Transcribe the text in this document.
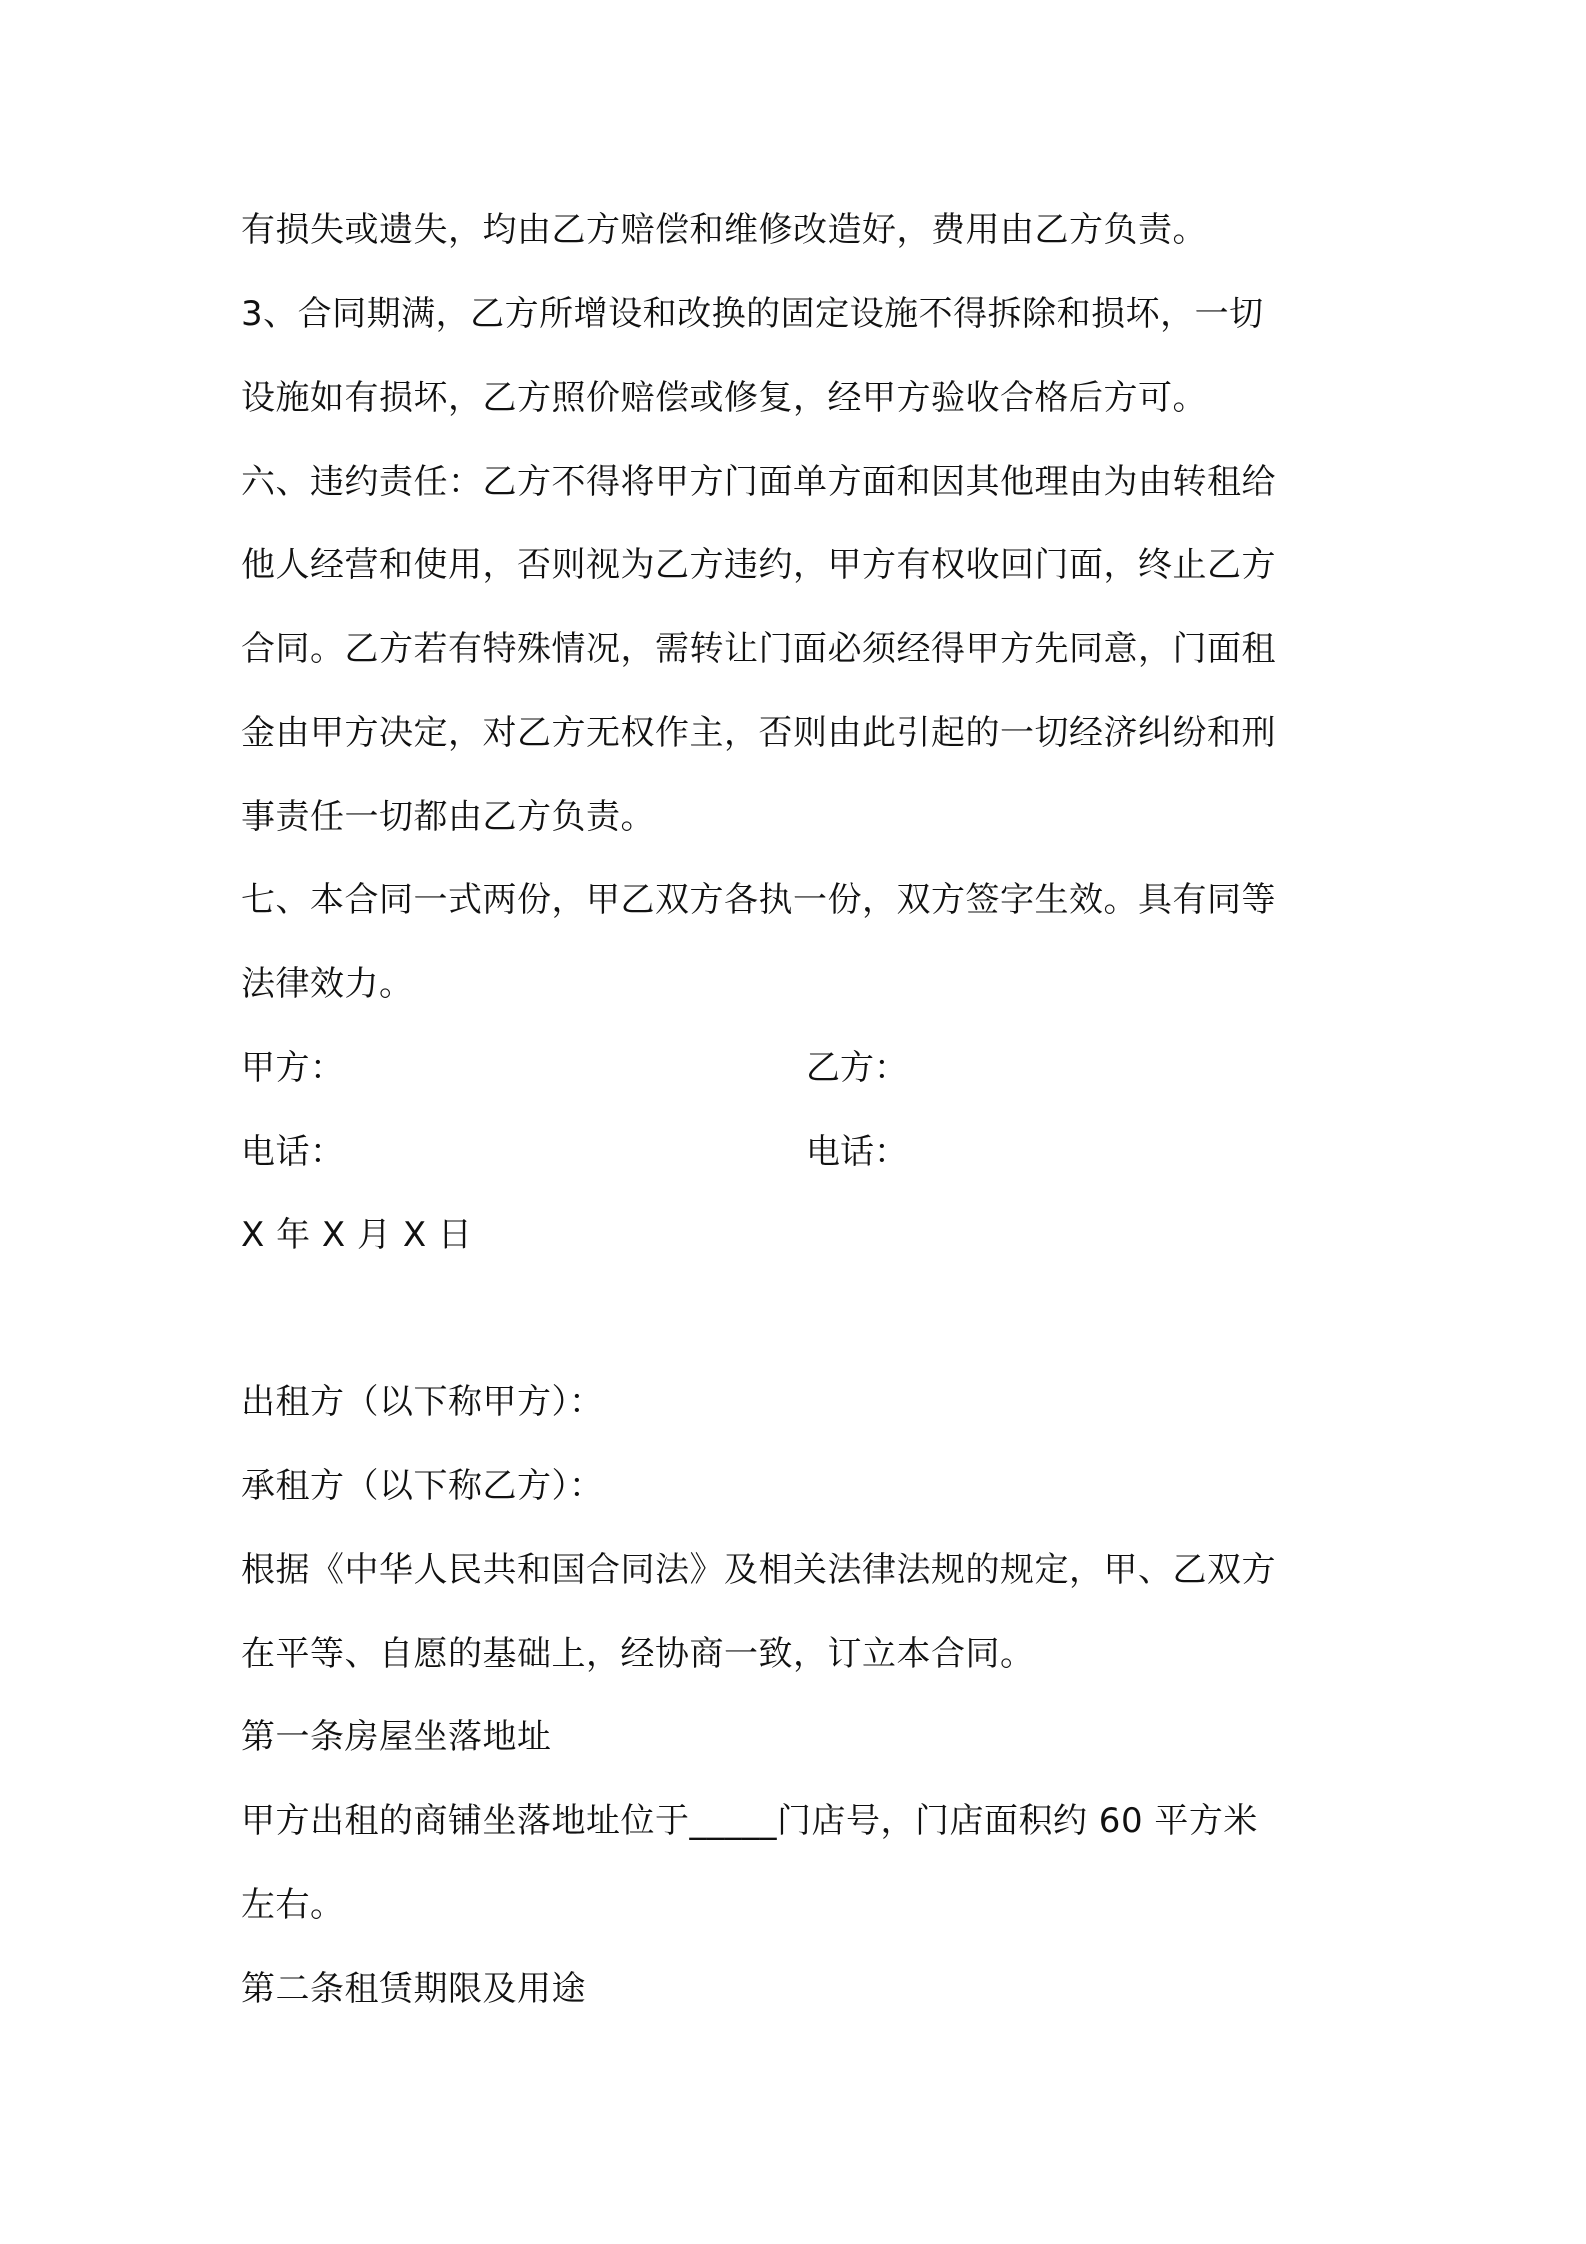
有损失或遗失，均由乙方赔偿和维修改造好，费用由乙方负责。
3、合同期满，乙方所增设和改换的固定设施不得拆除和损坏，一切
设施如有损坏，乙方照价赔偿或修复，经甲方验收合格后方可。
六、违约责任：乙方不得将甲方门面单方面和因其他理由为由转租给
他人经营和使用，否则视为乙方违约，甲方有权收回门面，终止乙方
合同。乙方若有特殊情况，需转让门面必须经得甲方先同意，门面租
金由甲方决定，对乙方无权作主，否则由此引起的一切经济纠纷和刑
事责任一切都由乙方负责。
七、本合同一式两份，甲乙双方各执一份，双方签字生效。具有同等
法律效力。
甲方：	乙方：
电话：	电话：
X 年 X 月 X 日
出租方（以下称甲方）：
承租方（以下称乙方）：
根据《中华人民共和国合同法》及相关法律法规的规定，甲、乙双方
在平等、自愿的基础上，经协商一致，订立本合同。
第一条房屋坐落地址
甲方出租的商铺坐落地址位于_____门店号，门店面积约 60 平方米
左右。
第二条租赁期限及用途
